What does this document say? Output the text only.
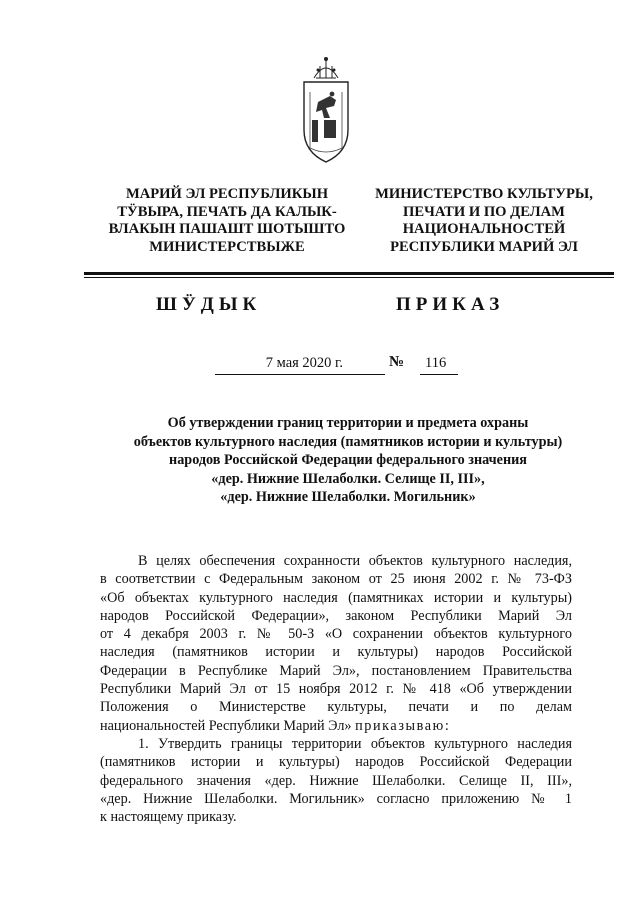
МАРИЙ ЭЛ РЕСПУБЛИКЫН
ТӰВЫРА, ПЕЧАТЬ ДА КАЛЫК-
ВЛАКЫН ПАШАШТ ШОТЫШТО
МИНИСТЕРСТВЫЖЕ
МИНИСТЕРСТВО КУЛЬТУРЫ,
ПЕЧАТИ И ПО ДЕЛАМ
НАЦИОНАЛЬНОСТЕЙ
РЕСПУБЛИКИ МАРИЙ ЭЛ
ШӰДЫК	ПРИКАЗ
7 мая 2020 г.	№ 116
Об утверждении границ территории и предмета охраны
объектов культурного наследия (памятников истории и культуры)
народов Российской Федерации федерального значения
«дер. Нижние Шелаболки. Селище II, III»,
«дер. Нижние Шелаболки. Могильник»
В целях обеспечения сохранности объектов культурного наследия,
в соответствии с Федеральным законом от 25 июня 2002 г. № 73-ФЗ
«Об объектах культурного наследия (памятниках истории и культуры)
народов Российской Федерации», законом Республики Марий Эл
от 4 декабря 2003 г. № 50-З «О сохранении объектов культурного
наследия (памятников истории и культуры) народов Российской
Федерации в Республике Марий Эл», постановлением Правительства
Республики Марий Эл от 15 ноября 2012 г. № 418 «Об утверждении
Положения о Министерстве культуры, печати и по делам
национальностей Республики Марий Эл» приказываю:
1. Утвердить границы территории объектов культурного наследия
(памятников истории и культуры) народов Российской Федерации
федерального значения «дер. Нижние Шелаболки. Селище II, III»,
«дер. Нижние Шелаболки. Могильник» согласно приложению № 1
к настоящему приказу.
